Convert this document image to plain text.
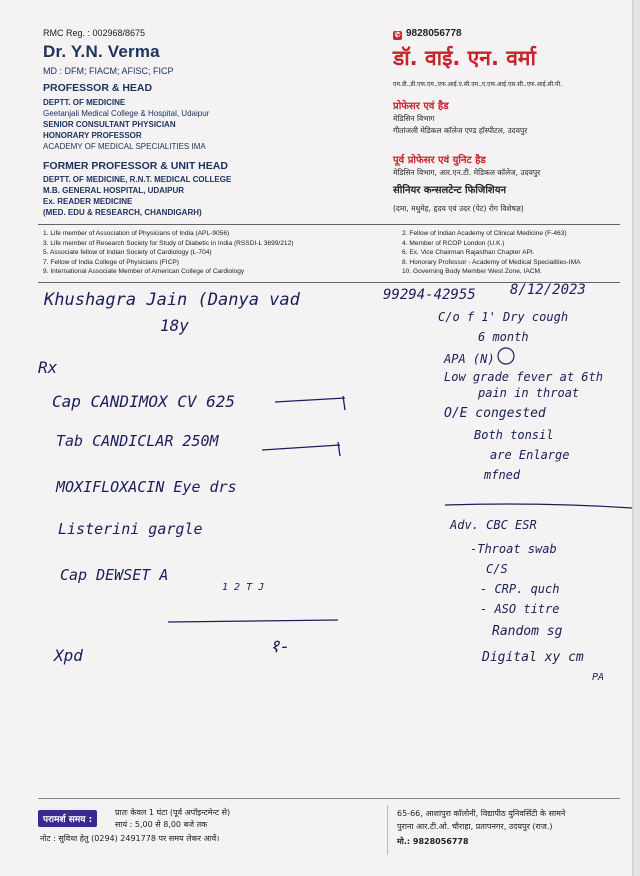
RMC Reg. : 002968/8675
Dr. Y.N. Verma
MD : DFM; FIACM; AFISC; FICP
PROFESSOR & HEAD
DEPTT. OF MEDICINE
Geetanjali Medical College & Hospital, Udaipur
SENIOR CONSULTANT PHYSICIAN
HONORARY PROFESSOR
ACADEMY OF MEDICAL SPECIALITIES IMA
FORMER PROFESSOR & UNIT HEAD
DEPTT. OF MEDICINE, R.N.T. MEDICAL COLLEGE
M.B. GENERAL HOSPITAL, UDAIPUR
Ex. READER MEDICINE
(MED. EDU & RESEARCH, CHANDIGARH)
✆ 9828056778
डॉ. वाई. एन. वर्मा
एम.डी.,डी.एफ.एम.,एफ.आई.ए.सी.एम.,ए.एफ.आई.एस.सी.,एफ.आई.सी.पी.
प्रोफेसर एवं हैड
मेडिसिन विभाग
गीतांजली मेडिकल कॉलेज एण्ड हॉस्पीटल, उदयपुर
पूर्व प्रोफेसर एवं युनिट हैड
मेडिसिन विभाग, आर.एन.टी. मेडिकल कॉलेज, उदयपुर
सीनियर कन्सलटेन्ट फिजिशियन
(दमा, मधुमेह, हृदय एवं उदर (पेट) रोग विशेषज्ञ)
1. Life member of Association of Physicians of India (APL-9056)
3. Life member of Research Society for Study of Diabetic in India (RSSDI-L 3699/212)
5. Associate fellow of Indian Society of Cardiology (L-704)
7. Fellow of India College of Physicians (FICP)
9. International Associate Member of American College of Cardiology
2. Fellow of Indian Academy of Clinical Medicine (F-463)
4. Member of RCOP London (U.K.)
6. Ex. Vice Chairman Rajasthan Chapter API.
8. Honorary Professor - Academy of Medical Specialities-IMA
10. Governing Body Member West Zone, IACM.
Khushagra Jain (Danya vad	99294-42955 8/12/2023
18y
Rx
Cap CANDIMOX CV 625
Tab CANDICLAR 250M
MOXIFLOXACIN Eye drs
Listerini gargle
Cap DEWSET A
1 2 T J
Xpd	१-
C/o f 1' Dry cough
6 month
APA (N)
Low grade fever at 6th
pain in throat
O/E congested
Both tonsil
are Enlarge
mfned
Adv. CBC ESR
-Throat swab
C/S
- CRP. quch
- ASO titre
Random sg
Digital xy cm
PA
परामर्श समय :
प्रातः केवल 1 घंटा (पूर्व अपॉइन्टमेन्ट से)
सायं : 5,00 से 8,00 बजे तक
नोट : सुविधा हेतु (0294) 2491778 पर समय लेकर आवें।
65-66, आशापुरा कॉलोनी, विद्यापीठ युनिवर्सिटी के सामने
पुराना आर.टी.ओ. चौराहा, प्रतापनगर, उदयपुर (राज.)
मो.: 9828056778
